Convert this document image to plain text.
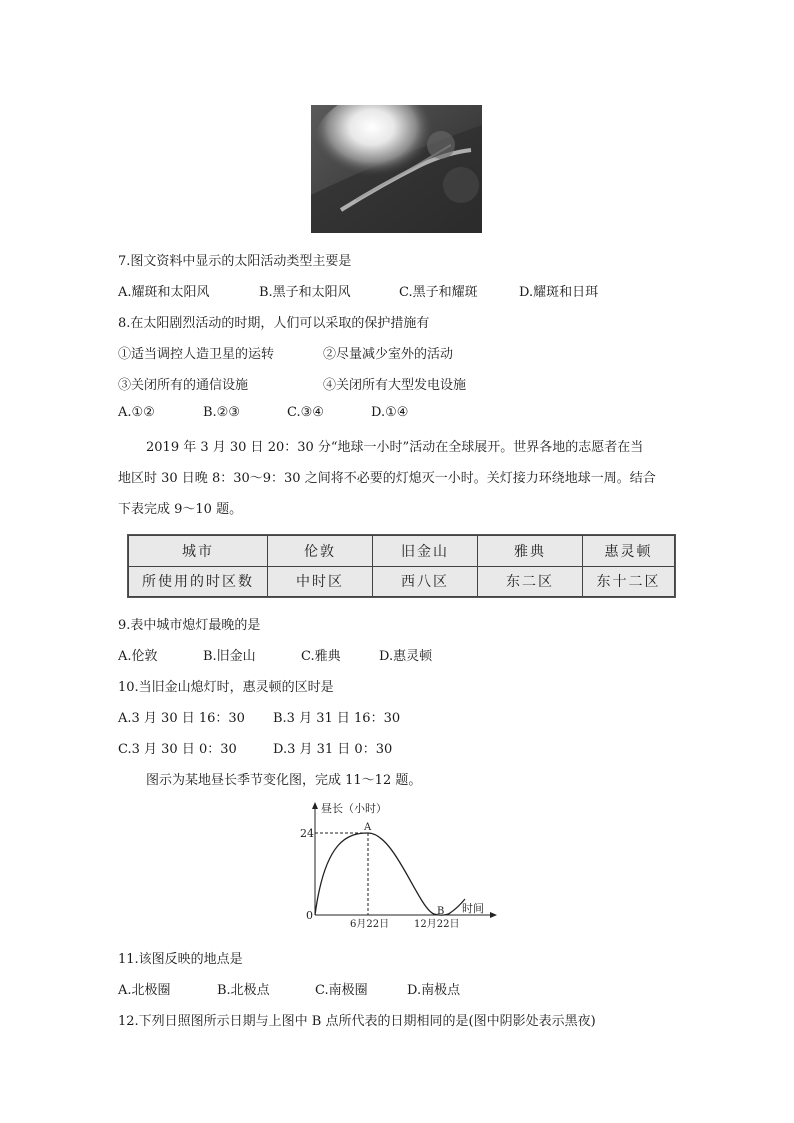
7.图文资料中显示的太阳活动类型主要是
A.耀斑和太阳风	B.黑子和太阳风	C.黑子和耀斑	D.耀斑和日珥
8.在太阳剧烈活动的时期，人们可以采取的保护措施有
①适当调控人造卫星的运转	②尽量减少室外的活动
③关闭所有的通信设施	④关闭所有大型发电设施
A.①②	B.②③	C.③④	D.①④
2019 年 3 月 30 日 20：30 分“地球一小时”活动在全球展开。世界各地的志愿者在当
地区时 30 日晚 8：30～9：30 之间将不必要的灯熄灭一小时。关灯接力环绕地球一周。结合
下表完成 9～10 题。
城市	伦敦	旧金山	雅典	惠灵顿
所使用的时区数	中时区	西八区	东二区	东十二区
9.表中城市熄灯最晚的是
A.伦敦	B.旧金山	C.雅典	D.惠灵顿
10.当旧金山熄灯时，惠灵顿的区时是
A.3 月 30 日 16：30 B.3 月 31 日 16：30
C.3 月 30 日 0：30	D.3 月 31 日 0：30
图示为某地昼长季节变化图，完成 11～12 题。
昼长（小时）
时间
24
0
6月22日 12月22日
A
B
11.该图反映的地点是
A.北极圈	B.北极点	C.南极圈	D.南极点
12.下列日照图所示日期与上图中 B 点所代表的日期相同的是(图中阴影处表示黑夜)
